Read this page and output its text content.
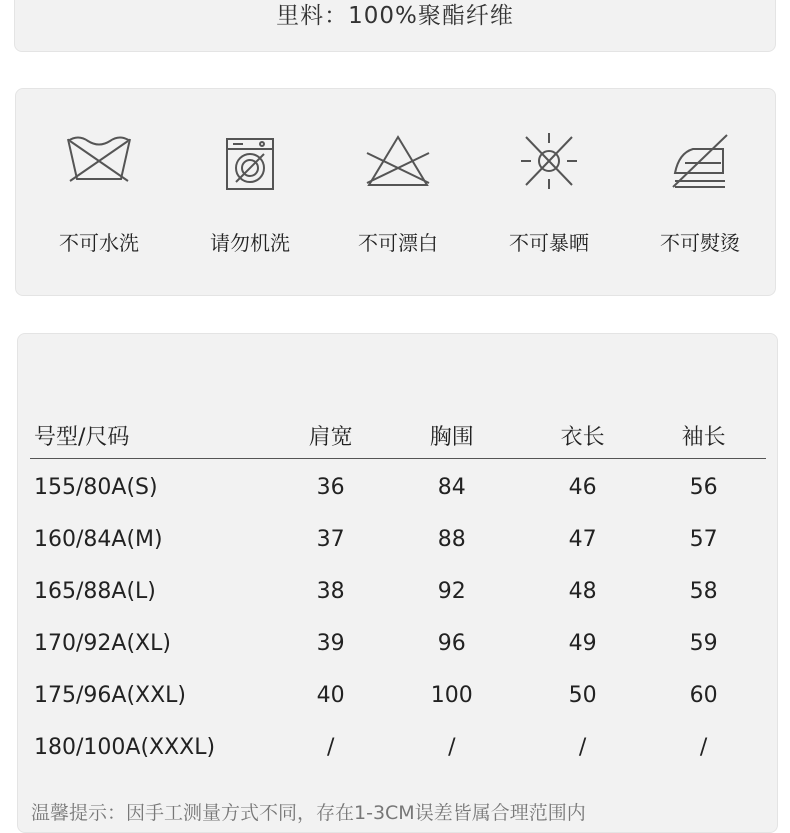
里料：100%聚酯纤维
不可水洗	请勿机洗	不可漂白	不可暴晒	不可熨烫
号型/尺码	肩宽	胸围	衣长	袖长
155/80A(S)	36	84	46	56
160/84A(M)	37	88	47	57
165/88A(L)	38	92	48	58
170/92A(XL)	39	96	49	59
175/96A(XXL)	40	100	50	60
180/100A(XXXL)	/	/	/	/
温馨提示：因手工测量方式不同，存在1-3CM误差皆属合理范围内
